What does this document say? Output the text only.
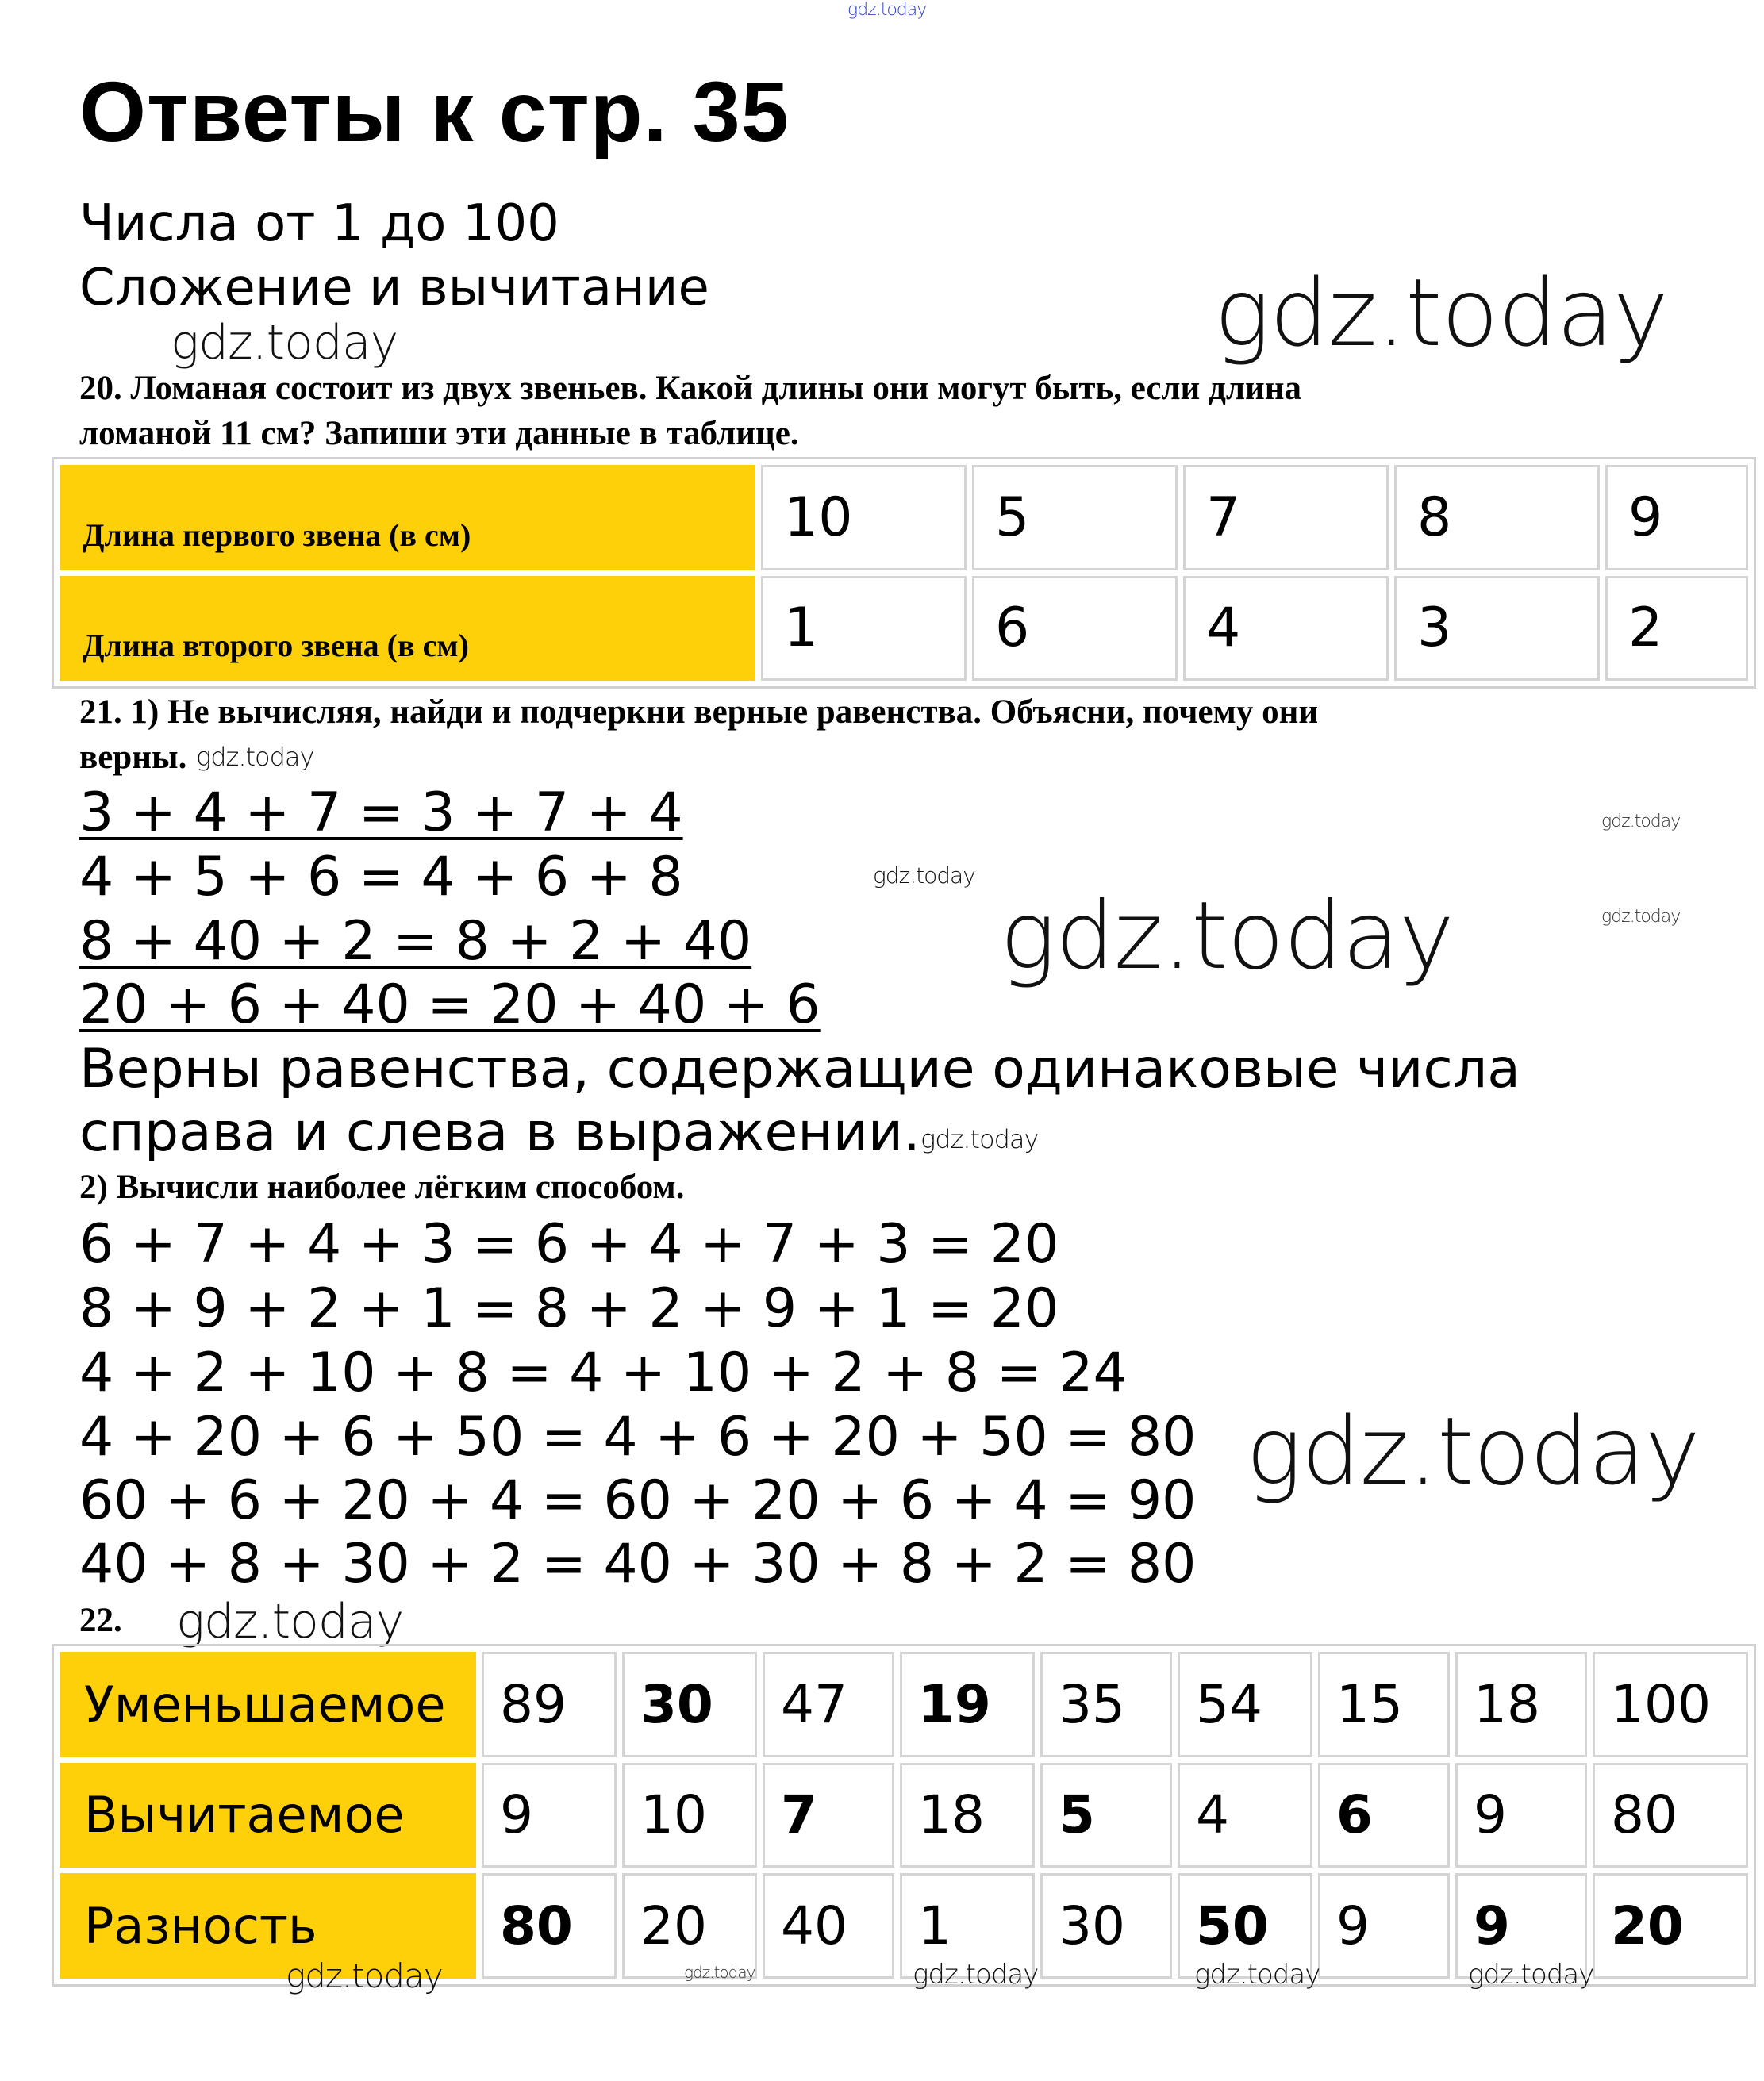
gdz.today
gdz.today	gdz.today
gdz.today
gdz.today
gdz.today
gdz.today
gdz.today
gdz.today
gdz.today
gdz.today
Ответы к стр. 35
Числа от 1 до 100
Сложение и вычитание
20. Ломаная состоит из двух звеньев. Какой длины они могут быть, если длина
ломаной 11 см? Запиши эти данные в таблице.
Длина первого звена (в см)	10	5	7	8	9
Длина второго звена (в см)	1	6	4	3	2
21. 1) Не вычисляя, найди и подчеркни верные равенства. Объясни, почему они
верны.
3 + 4 + 7 = 3 + 7 + 4
4 + 5 + 6 = 4 + 6 + 8
8 + 40 + 2 = 8 + 2 + 40
20 + 6 + 40 = 20 + 40 + 6
Верны равенства, содержащие одинаковые числа
справа и слева в выражении.
2) Вычисли наиболее лёгким способом.
6 + 7 + 4 + 3 = 6 + 4 + 7 + 3 = 20
8 + 9 + 2 + 1 = 8 + 2 + 9 + 1 = 20
4 + 2 + 10 + 8 = 4 + 10 + 2 + 8 = 24
4 + 20 + 6 + 50 = 4 + 6 + 20 + 50 = 80
60 + 6 + 20 + 4 = 60 + 20 + 6 + 4 = 90
40 + 8 + 30 + 2 = 40 + 30 + 8 + 2 = 80
22.
Уменьшаемое	89	30	47	19	35	54	15	18	100
Вычитаемое	9	10	7	18	5	4	6	9	80
Разность	80	20	40	1	30	50	9	9	20
gdz.today	gdz.today	gdz.today	gdz.today	gdz.today
